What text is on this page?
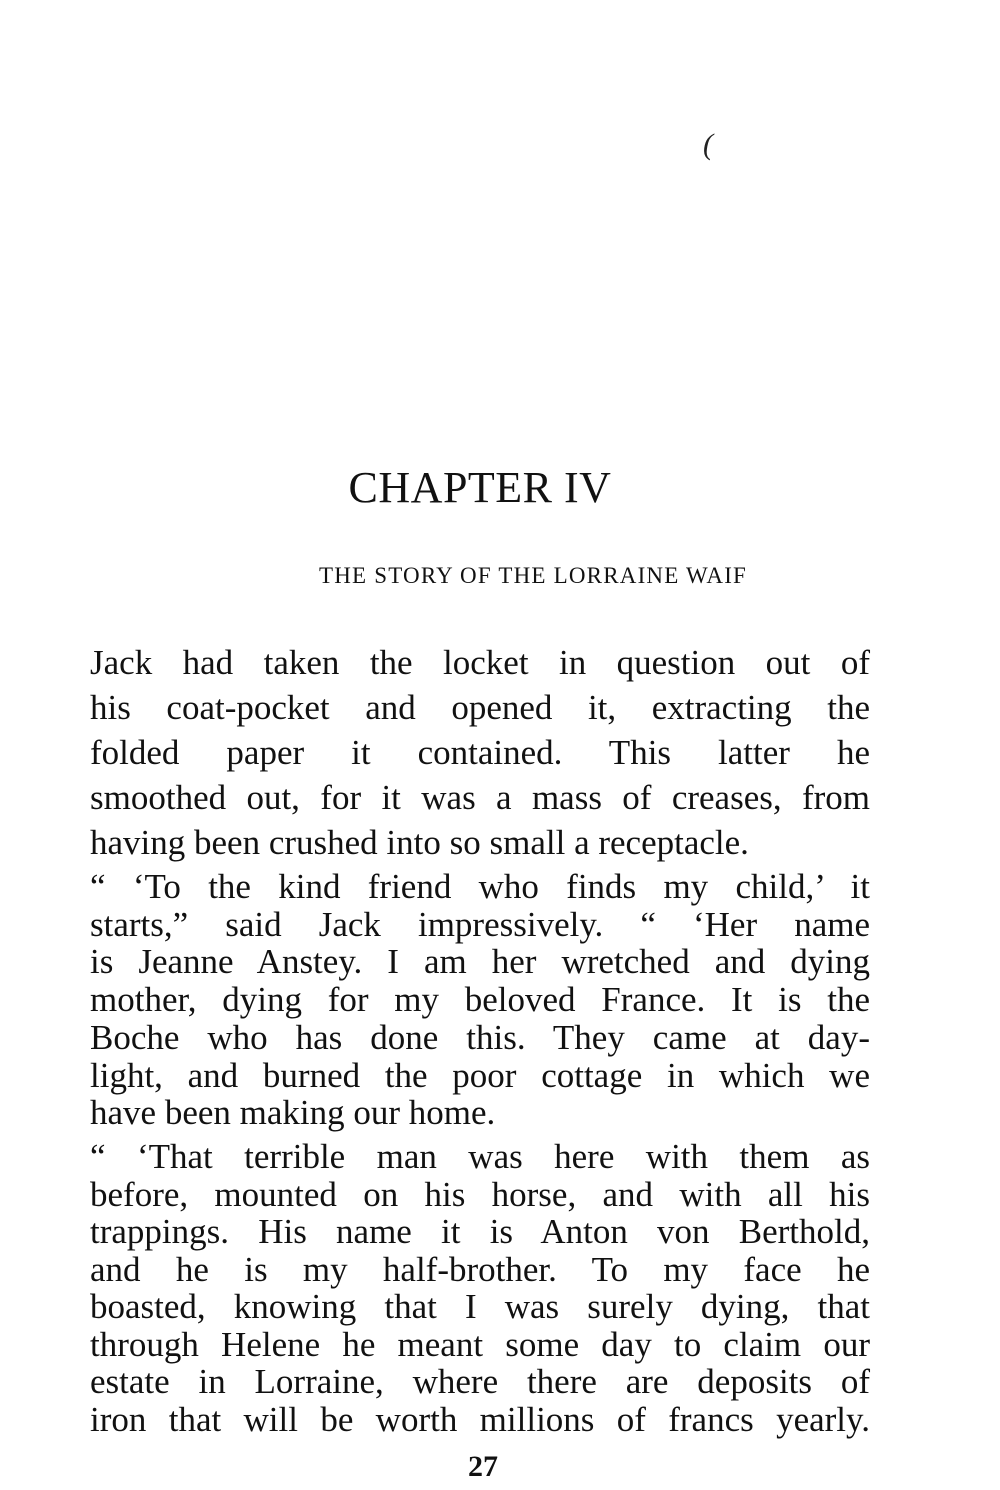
(
CHAPTER IV
THE STORY OF THE LORRAINE WAIF
Jack had taken the locket in question out of
his coat-pocket and opened it, extracting the
folded paper it contained. This latter he
smoothed out, for it was a mass of creases, from
having been crushed into so small a receptacle.
“ ‘To the kind friend who finds my child,’ it
starts,” said Jack impressively. “ ‘Her name
is Jeanne Anstey. I am her wretched and dying
mother, dying for my beloved France. It is the
Boche who has done this. They came at day-
light, and burned the poor cottage in which we
have been making our home.
“ ‘That terrible man was here with them as
before, mounted on his horse, and with all his
trappings. His name it is Anton von Berthold,
and he is my half-brother. To my face he
boasted, knowing that I was surely dying, that
through Helene he meant some day to claim our
estate in Lorraine, where there are deposits of
iron that will be worth millions of francs yearly.
27
